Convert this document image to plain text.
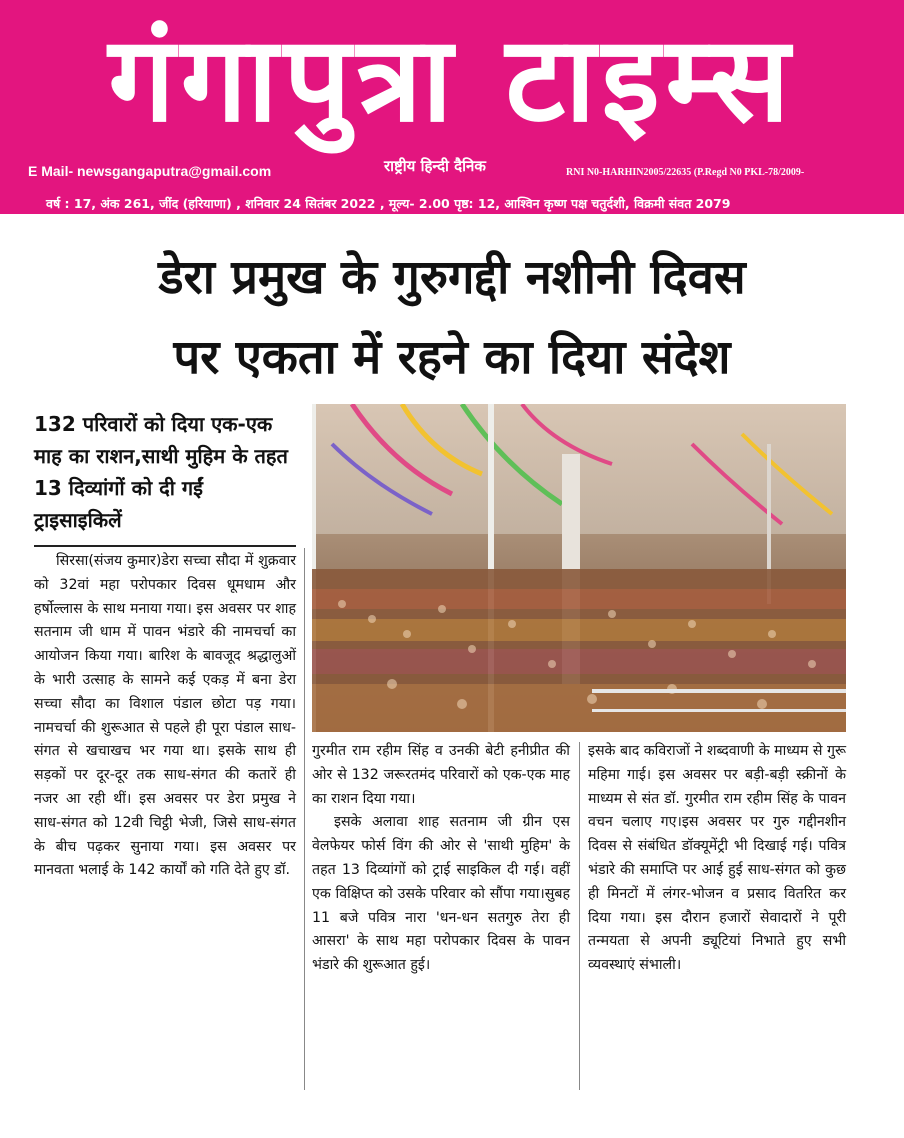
गंगापुत्रा टाइम्स
E Mail- newsgangaputra@gmail.com	राष्ट्रीय हिन्दी दैनिक	RNI N0-HARHIN2005/22635 (P.Regd N0 PKL-78/2009-
वर्ष : 17, अंक 261, जींद (हरियाणा) , शनिवार 24 सितंबर 2022 , मूल्य- 2.00 पृष्ठ: 12, आश्विन कृष्ण पक्ष चतुर्दशी, विक्रमी संवत 2079
डेरा प्रमुख के गुरुगद्दी नशीनी दिवस
पर एकता में रहने का दिया संदेश
132 परिवारों को दिया एक-एक माह का राशन,साथी मुहिम के तहत 13 दिव्यांगों को दी गईं ट्राइसाइकिलें

सिरसा(संजय कुमार)डेरा सच्चा सौदा में शुक्रवार को 32वां महा परोपकार दिवस धूमधाम और हर्षोल्लास के साथ मनाया गया। इस अवसर पर शाह सतनाम जी धाम में पावन भंडारे की नामचर्चा का आयोजन किया गया। बारिश के बावजूद श्रद्धालुओं के भारी उत्साह के सामने कई एकड़ में बना डेरा सच्चा सौदा का विशाल पंडाल छोटा पड़ गया। नामचर्चा की शुरूआत से पहले ही पूरा पंडाल साध-संगत से खचाखच भर गया था। इसके साथ ही सड़कों पर दूर-दूर तक साध-संगत की कतारें ही नजर आ रही थीं। इस अवसर पर डेरा प्रमुख ने साध-संगत को 12वी चिट्ठी भेजी, जिसे साध-संगत के बीच पढ़कर सुनाया गया। इस अवसर पर मानवता भलाई के 142 कार्यों को गति देते हुए डॉ.

गुरमीत राम रहीम सिंह व उनकी बेटी हनीप्रीत की ओर से 132 जरूरतमंद परिवारों को एक-एक माह का राशन दिया गया।

इसके अलावा शाह सतनाम जी ग्रीन एस वेलफेयर फोर्स विंग की ओर से 'साथी मुहिम' के तहत 13 दिव्यांगों को ट्राई साइकिल दी गई। वहीं एक विक्षिप्त को उसके परिवार को सौंपा गया।सुबह 11 बजे पवित्र नारा 'धन-धन सतगुरु तेरा ही आसरा' के साथ महा परोपकार दिवस के पावन भंडारे की शुरूआत हुई।

इसके बाद कविराजों ने शब्दवाणी के माध्यम से गुरू महिमा गाई। इस अवसर पर बड़ी-बड़ी स्क्रीनों के माध्यम से संत डॉ. गुरमीत राम रहीम सिंह के पावन वचन चलाए गए।इस अवसर पर गुरु गद्दीनशीन दिवस से संबंधित डॉक्यूमेंट्री भी दिखाई गई। पवित्र भंडारे की समाप्ति पर आई हुई साध-संगत को कुछ ही मिनटों में लंगर-भोजन व प्रसाद वितरित कर दिया गया। इस दौरान हजारों सेवादारों ने पूरी तन्मयता से अपनी ड्यूटियां निभाते हुए सभी व्यवस्थाएं संभाली।
